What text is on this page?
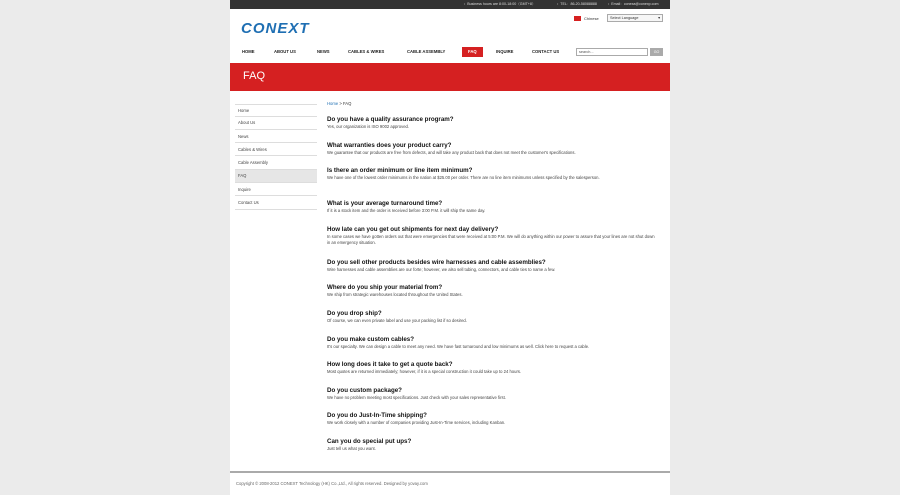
• Business hours are 8:00-18:00（GMT+8）	• TEL：86-20-58088888	• Email：conexa@conexp.com
CONEXT
Chinese	Select Language	▾
HOME	ABOUT US	NEWS	CABLES & WIRES	CABLE ASSEMBLY	FAQ	INQUIRE	CONTACT US	search...	GO
FAQ
Home
About Us
News
Cables & Wires
Cable Assembly
FAQ
Inquire
Contact Us
Home > FAQ
Do you have a quality assurance program?
Yes, our organization is ISO 9002 approved.
What warranties does your product carry?
We guarantee that our products are free from defects, and will take any product back that does not meet the customer's specifications.
Is there an order minimum or line item minimum?
We have one of the lowest order minimums in the nation at $25.00 per order. There are no line item minimums unless specified by the salesperson.
What is your average turnaround time?
If it is a stock item and the order is received before 3:00 P.M. it will ship the same day.
How late can you get out shipments for next day delivery?
In some cases we have gotten orders out that were emergencies that were received at 5:00 P.M. We will do anything within our power to assure that your lines are not shut down in an emergency situation.
Do you sell other products besides wire harnesses and cable assemblies?
Wire harnesses and cable assemblies are our forte; however, we also sell tubing, connectors, and cable ties to name a few.
Where do you ship your material from?
We ship from strategic warehouses located throughout the United States.
Do you drop ship?
Of course, we can even private label and use your packing list if so desired.
Do you make custom cables?
It's our specialty. We can design a cable to meet any need. We have fast turnaround and low minimums as well. Click here to request a cable.
How long does it take to get a quote back?
Most quotes are returned immediately; however, if it is a special construction it could take up to 24 hours.
Do you custom package?
We have no problem meeting most specifications. Just check with your sales representative first.
Do you do Just-In-Time shipping?
We work closely with a number of companies providing Just-In-Time services, including Kanban.
Can you do special put ups?
Just tell us what you want.
Copyright © 2008-2012 CONEXT Technology (HK) Co.,Ltd., All rights reserved. Designed by yovay.com
